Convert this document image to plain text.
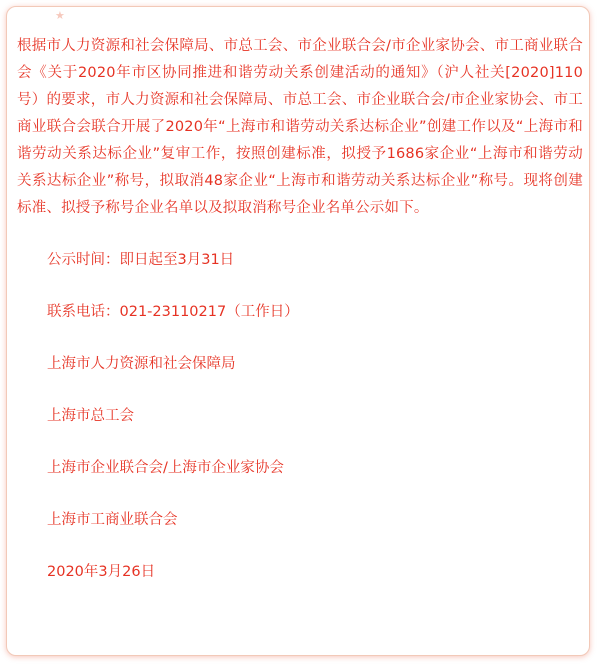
★

根据市人力资源和社会保障局、市总工会、市企业联合会/市企业家协会、市工商业联合会《关于2020年市区协同推进和谐劳动关系创建活动的通知》（沪人社关[2020]110号）的要求，市人力资源和社会保障局、市总工会、市企业联合会/市企业家协会、市工商业联合会联合开展了2020年“上海市和谐劳动关系达标企业”创建工作以及“上海市和谐劳动关系达标企业”复审工作，按照创建标准，拟授予1686家企业“上海市和谐劳动关系达标企业”称号，拟取消48家企业“上海市和谐劳动关系达标企业”称号。现将创建标准、拟授予称号企业名单以及拟取消称号企业名单公示如下。

公示时间：即日起至3月31日

联系电话：021-23110217（工作日）

上海市人力资源和社会保障局

上海市总工会

上海市企业联合会/上海市企业家协会

上海市工商业联合会

2020年3月26日
